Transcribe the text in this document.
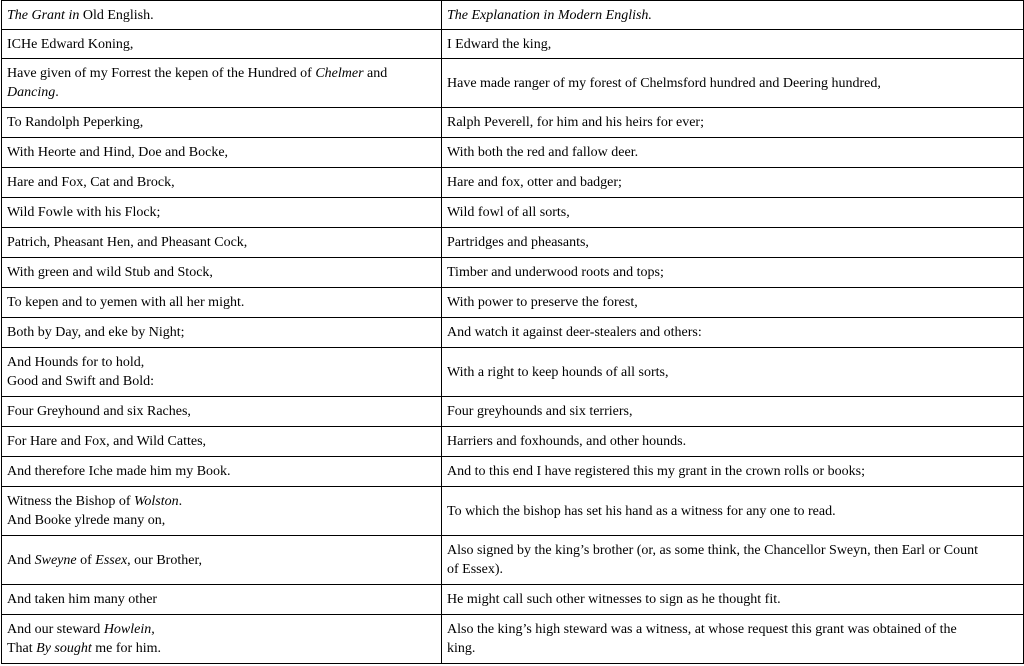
The Grant in Old English.	The Explanation in Modern English.
ICHe Edward Koning,	I Edward the king,
Have given of my Forrest the kepen of the Hundred of Chelmer and
Dancing.	Have made ranger of my forest of Chelmsford hundred and Deering hundred,
To Randolph Peperking,	Ralph Peverell, for him and his heirs for ever;
With Heorte and Hind, Doe and Bocke,	With both the red and fallow deer.
Hare and Fox, Cat and Brock,	Hare and fox, otter and badger;
Wild Fowle with his Flock;	Wild fowl of all sorts,
Patrich, Pheasant Hen, and Pheasant Cock,	Partridges and pheasants,
With green and wild Stub and Stock,	Timber and underwood roots and tops;
To kepen and to yemen with all her might.	With power to preserve the forest,
Both by Day, and eke by Night;	And watch it against deer-stealers and others:
And Hounds for to hold,
Good and Swift and Bold:	With a right to keep hounds of all sorts,
Four Greyhound and six Raches,	Four greyhounds and six terriers,
For Hare and Fox, and Wild Cattes,	Harriers and foxhounds, and other hounds.
And therefore Iche made him my Book.	And to this end I have registered this my grant in the crown rolls or books;
Witness the Bishop of Wolston.
And Booke ylrede many on,	To which the bishop has set his hand as a witness for any one to read.
And Sweyne of Essex, our Brother,	Also signed by the king’s brother (or, as some think, the Chancellor Sweyn, then Earl or Count
of Essex).
And taken him many other	He might call such other witnesses to sign as he thought fit.
And our steward Howlein,
That By sought me for him.	Also the king’s high steward was a witness, at whose request this grant was obtained of the
king.
